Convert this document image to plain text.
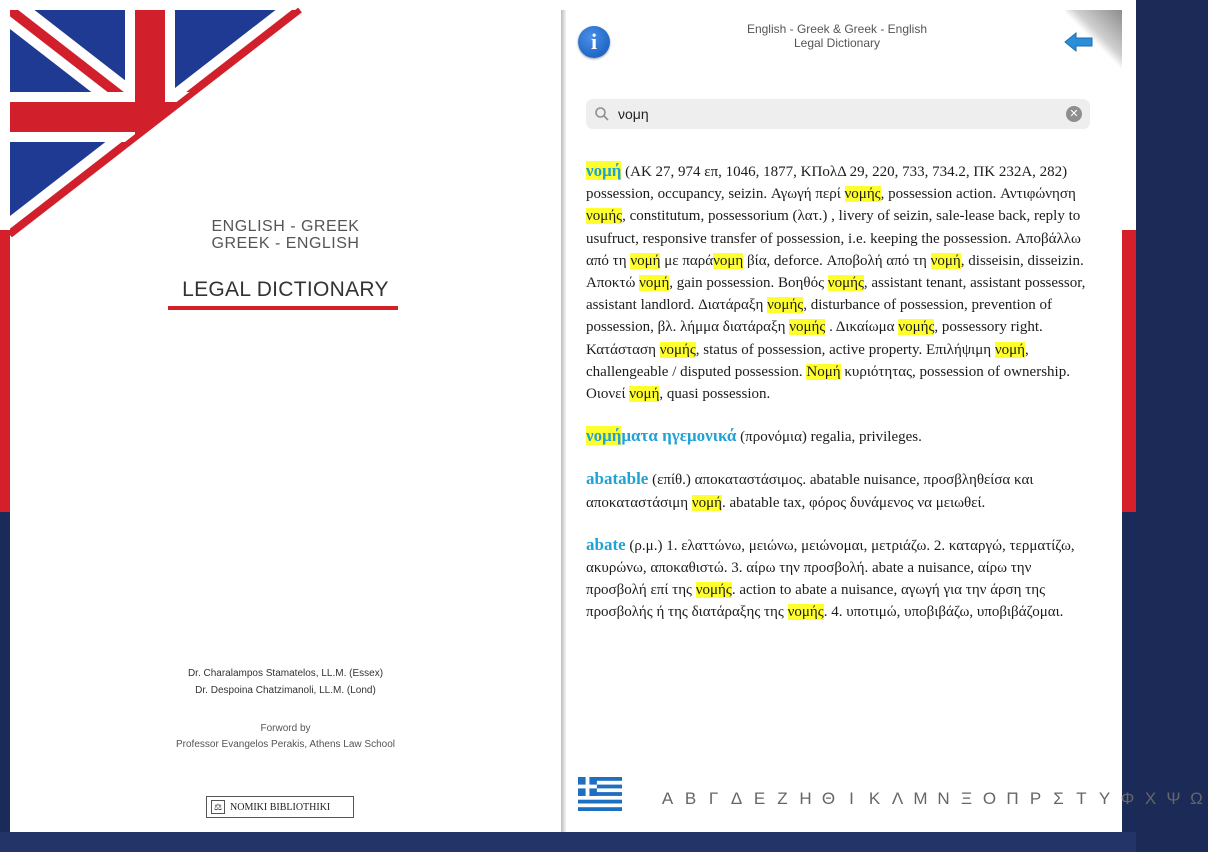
ENGLISH - GREEK
GREEK - ENGLISH
LEGAL DICTIONARY
Dr. Charalampos Stamatelos, LL.M. (Essex)
Dr. Despoina Chatzimanoli, LL.M. (Lond)
Forword by
Professor Evangelos Perakis, Athens Law School
⚖ NOMIKI BIBLIOTHIKI
i	English - Greek & Greek - English
Legal Dictionary
νομη
✕

νομή (ΑΚ 27, 974 επ, 1046, 1877, ΚΠολΔ 29, 220, 733, 734.2, ΠΚ 232Α, 282) possession, occupancy, seizin. Αγωγή περί νομής, possession action. Αντιφώνηση νομής, constitutum, possessorium (λατ.) , livery of seizin, sale-lease back, reply to usufruct, responsive transfer of possession, i.e. keeping the possession. Αποβάλλω από τη νομή με παράνομη βία, deforce. Αποβολή από τη νομή, disseisin, disseizin. Αποκτώ νομή, gain possession. Βοηθός νομής, assistant tenant, assistant possessor, assistant landlord. Διατάραξη νομής, disturbance of possession, prevention of possession, βλ. λήμμα διατάραξη νομής . Δικαίωμα νομής, possessory right. Κατάσταση νομής, status of possession, active property. Επιλήψιμη νομή, challengeable / disputed possession. Νομή κυριότητας, possession of ownership. Οιονεί νομή, quasi possession.

νομήματα ηγεμονικά (προνόμια) regalia, privileges.

abatable (επίθ.) αποκαταστάσιμος. abatable nuisance, προσβληθείσα και αποκαταστάσιμη νομή. abatable tax, φόρος δυνάμενος να μειωθεί.

abate (ρ.μ.) 1. ελαττώνω, μειώνω, μειώνομαι, μετριάζω. 2. καταργώ, τερματίζω, ακυρώνω, αποκαθιστώ. 3. αίρω την προσβολή. abate a nuisance, αίρω την προσβολή επί της νομής. action to abate a nuisance, αγωγή για την άρση της προσβολής ή της διατάραξης της νομής. 4. υποτιμώ, υποβιβάζω, υποβιβάζομαι.

Α Β Γ Δ Ε Ζ Η Θ Ι Κ Λ Μ Ν Ξ Ο Π Ρ Σ Τ Υ Φ Χ Ψ Ω
